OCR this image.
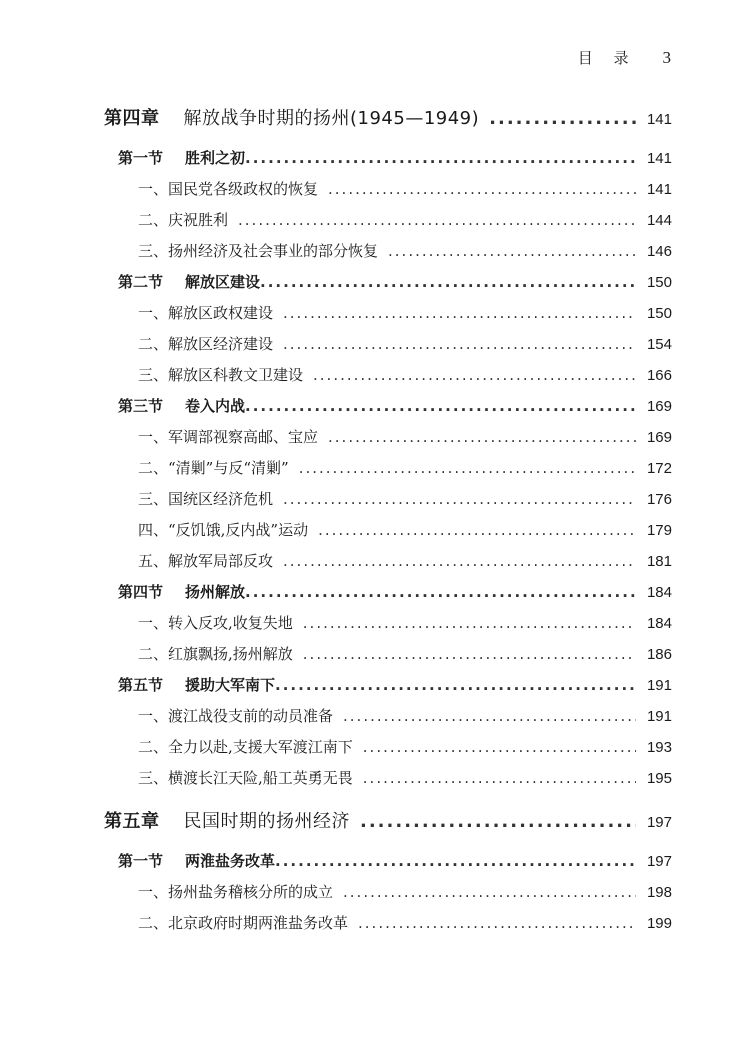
目 录 3
第四章 解放战争时期的扬州(1945—1949) .....	141
第一节 胜利之初 .....	141
一、国民党各级政权的恢复 .....	141
二、庆祝胜利 .....	144
三、扬州经济及社会事业的部分恢复 .....	146
第二节 解放区建设 .....	150
一、解放区政权建设 .....	150
二、解放区经济建设 .....	154
三、解放区科教文卫建设 .....	166
第三节 卷入内战 .....	169
一、军调部视察高邮、宝应 .....	169
二、“清剿”与反“清剿” .....	172
三、国统区经济危机 .....	176
四、“反饥饿,反内战”运动 .....	179
五、解放军局部反攻 .....	181
第四节 扬州解放 .....	184
一、转入反攻,收复失地 .....	184
二、红旗飘扬,扬州解放 .....	186
第五节 援助大军南下 .....	191
一、渡江战役支前的动员准备 .....	191
二、全力以赴,支援大军渡江南下 .....	193
三、横渡长江天险,船工英勇无畏 .....	195
第五章 民国时期的扬州经济 .....	197
第一节 两淮盐务改革 .....	197
一、扬州盐务稽核分所的成立 .....	198
二、北京政府时期两淮盐务改革 .....	199
